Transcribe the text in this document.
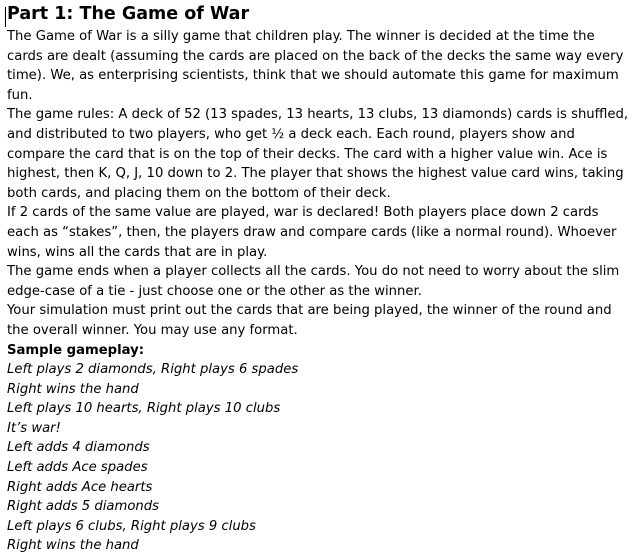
Part 1: The Game of War

The Game of War is a silly game that children play. The winner is decided at the time the cards are dealt (assuming the cards are placed on the back of the decks the same way every time). We, as enterprising scientists, think that we should automate this game for maximum fun.

The game rules: A deck of 52 (13 spades, 13 hearts, 13 clubs, 13 diamonds) cards is shuffled, and distributed to two players, who get ½ a deck each. Each round, players show and compare the card that is on the top of their decks. The card with a higher value win. Ace is highest, then K, Q, J, 10 down to 2. The player that shows the highest value card wins, taking both cards, and placing them on the bottom of their deck.

If 2 cards of the same value are played, war is declared! Both players place down 2 cards each as “stakes”, then, the players draw and compare cards (like a normal round). Whoever wins, wins all the cards that are in play.

The game ends when a player collects all the cards. You do not need to worry about the slim edge-case of a tie - just choose one or the other as the winner.

Your simulation must print out the cards that are being played, the winner of the round and the overall winner. You may use any format.

Sample gameplay:

Left plays 2 diamonds, Right plays 6 spades

Right wins the hand

Left plays 10 hearts, Right plays 10 clubs

It’s war!

Left adds 4 diamonds

Left adds Ace spades

Right adds Ace hearts

Right adds 5 diamonds

Left plays 6 clubs, Right plays 9 clubs

Right wins the hand
